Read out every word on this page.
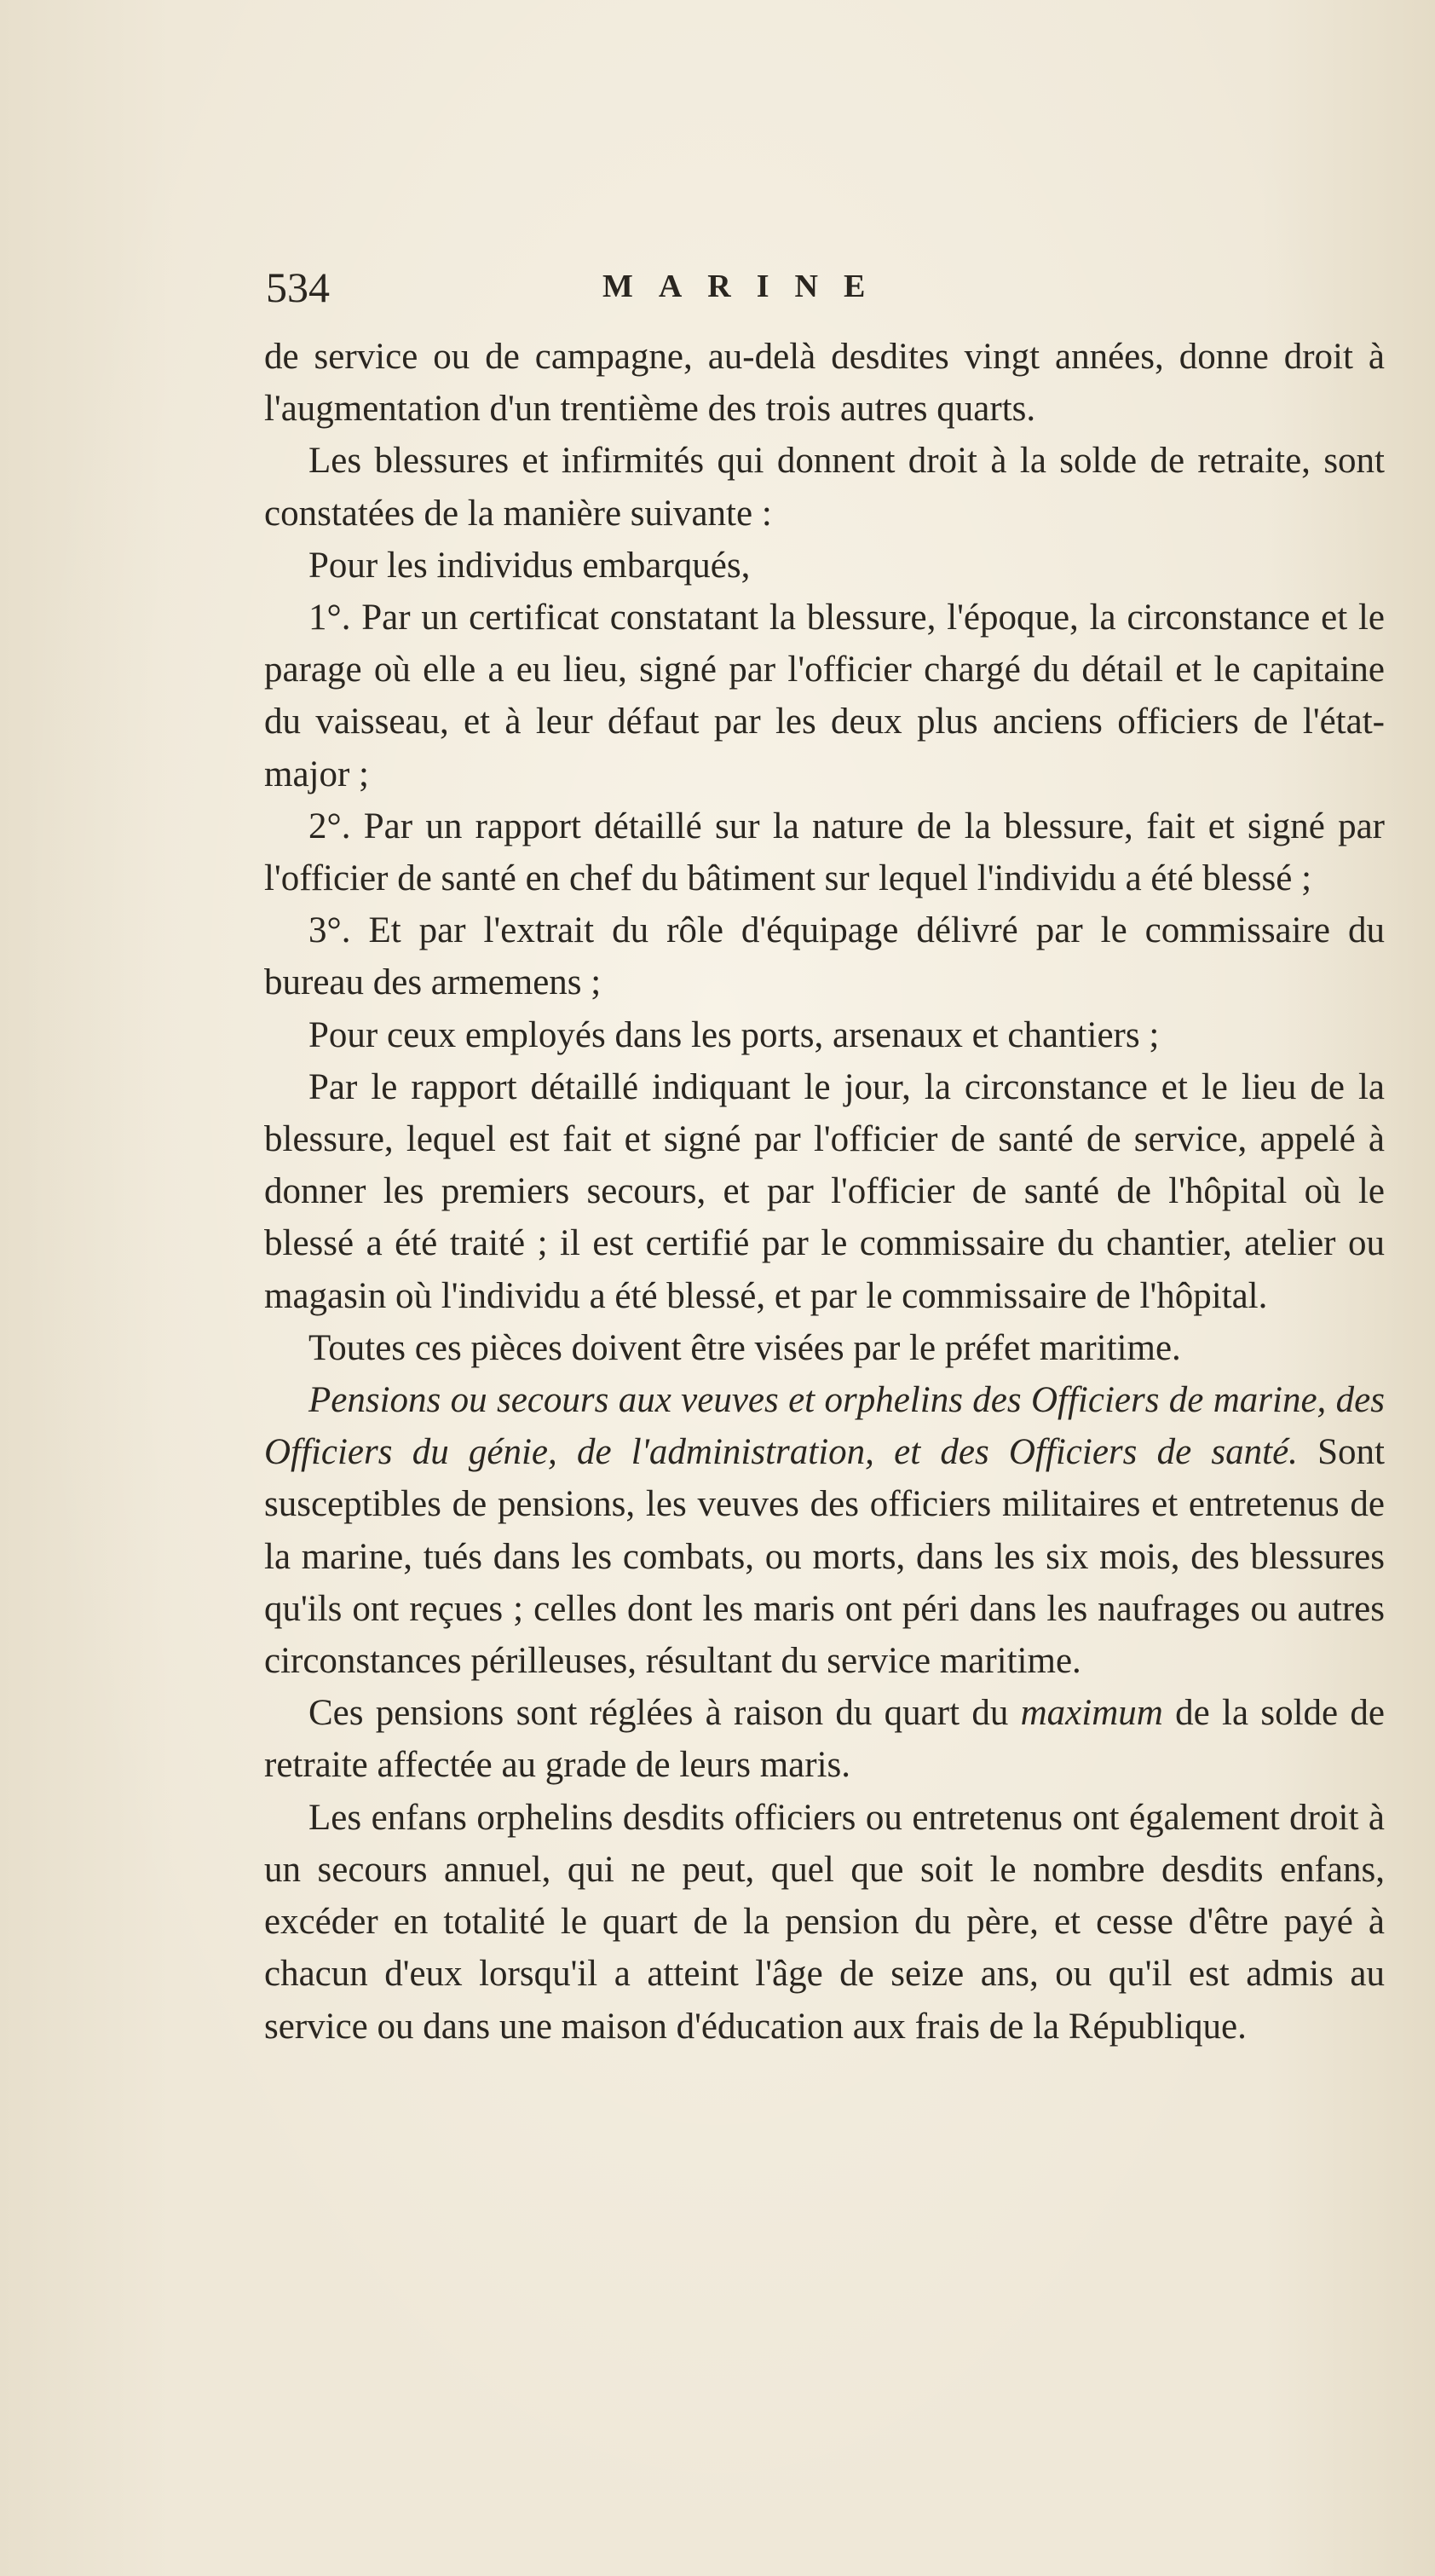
534	MARINE

de service ou de campagne, au-delà desdites vingt années, donne droit à l'augmentation d'un trentième des trois autres quarts.

Les blessures et infirmités qui donnent droit à la solde de retraite, sont constatées de la manière suivante :

Pour les individus embarqués,

1°. Par un certificat constatant la blessure, l'époque, la circonstance et le parage où elle a eu lieu, signé par l'officier chargé du détail et le capitaine du vaisseau, et à leur défaut par les deux plus anciens officiers de l'état-major ;

2°. Par un rapport détaillé sur la nature de la blessure, fait et signé par l'officier de santé en chef du bâtiment sur lequel l'individu a été blessé ;

3°. Et par l'extrait du rôle d'équipage délivré par le commissaire du bureau des armemens ;

Pour ceux employés dans les ports, arsenaux et chantiers ;

Par le rapport détaillé indiquant le jour, la circonstance et le lieu de la blessure, lequel est fait et signé par l'officier de santé de service, appelé à donner les premiers secours, et par l'officier de santé de l'hôpital où le blessé a été traité ; il est certifié par le commissaire du chantier, atelier ou magasin où l'individu a été blessé, et par le commissaire de l'hôpital.

Toutes ces pièces doivent être visées par le préfet maritime.

Pensions ou secours aux veuves et orphelins des Officiers de marine, des Officiers du génie, de l'administration, et des Officiers de santé. Sont susceptibles de pensions, les veuves des officiers militaires et entretenus de la marine, tués dans les combats, ou morts, dans les six mois, des blessures qu'ils ont reçues ; celles dont les maris ont péri dans les naufrages ou autres circonstances périlleuses, résultant du service maritime.

Ces pensions sont réglées à raison du quart du maximum de la solde de retraite affectée au grade de leurs maris.

Les enfans orphelins desdits officiers ou entretenus ont également droit à un secours annuel, qui ne peut, quel que soit le nombre desdits enfans, excéder en totalité le quart de la pension du père, et cesse d'être payé à chacun d'eux lorsqu'il a atteint l'âge de seize ans, ou qu'il est admis au service ou dans une maison d'éducation aux frais de la République.
